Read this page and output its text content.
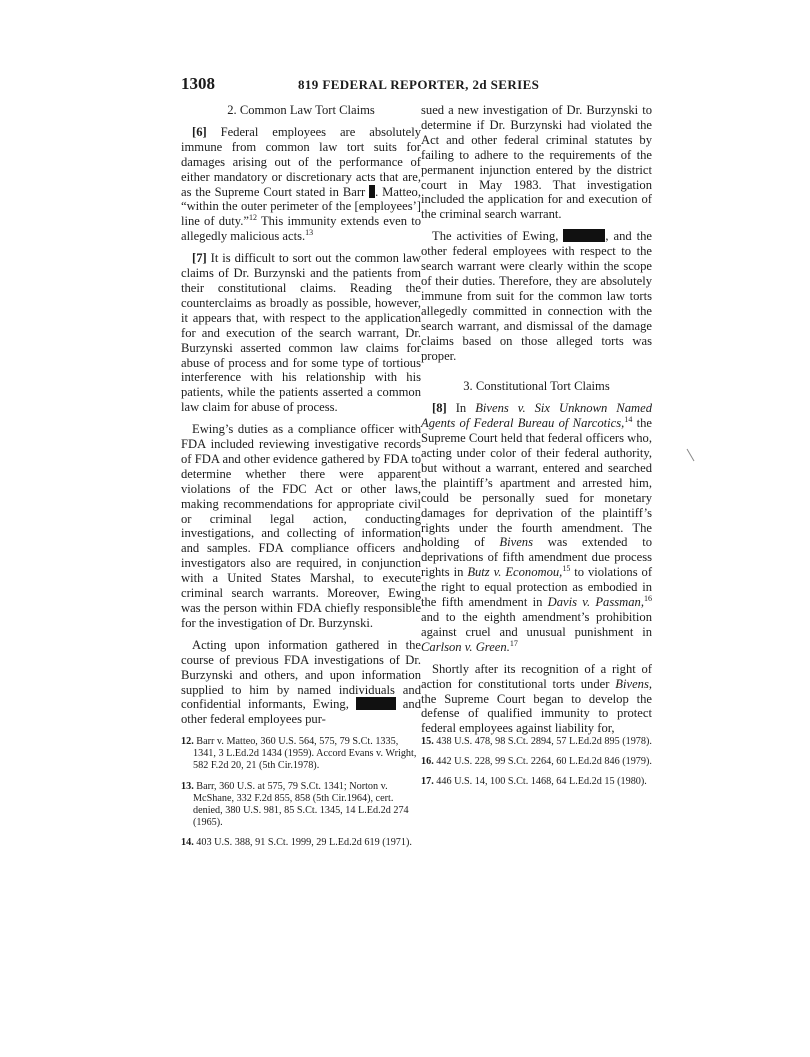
1308	819 FEDERAL REPORTER, 2d SERIES

2. Common Law Tort Claims

[6] Federal employees are absolutely immune from common law tort suits for damages arising out of the performance of either mandatory or discretionary acts that are, as the Supreme Court stated in Barr . Matteo, “within the outer perimeter of the [employees’] line of duty.”$^{12}$ This immunity extends even to allegedly malicious acts.$^{13}$

[7] It is difficult to sort out the common law claims of Dr. Burzynski and the patients from their constitutional claims. Reading the counterclaims as broadly as possible, however, it appears that, with respect to the application for and execution of the search warrant, Dr. Burzynski asserted common law claims for abuse of process and for some type of tortious interference with his relationship with his patients, while the patients asserted a common law claim for abuse of process.

Ewing’s duties as a compliance officer with FDA included reviewing investigative records of FDA and other evidence gathered by FDA to determine whether there were apparent violations of the FDC Act or other laws, making recommendations for appropriate civil or criminal legal action, conducting investigations, and collecting of information and samples. FDA compliance officers and investigators also are required, in conjunction with a United States Marshal, to execute criminal search warrants. Moreover, Ewing was the person within FDA chiefly responsible for the investigation of Dr. Burzynski.

Acting upon information gathered in the course of previous FDA investigations of Dr. Burzynski and others, and upon information supplied to him by named individuals and confidential informants, Ewing,	and other federal employees pur-

sued a new investigation of Dr. Burzynski to determine if Dr. Burzynski had violated the Act and other federal criminal statutes by failing to adhere to the requirements of the permanent injunction entered by the district court in May 1983. That investigation included the application for and execution of the criminal search warrant.

The activities of Ewing,	, and the other federal employees with respect to the search warrant were clearly within the scope of their duties. Therefore, they are absolutely immune from suit for the common law torts allegedly committed in connection with the search warrant, and dismissal of the damage claims based on those alleged torts was proper.

3. Constitutional Tort Claims

[8] In Bivens v. Six Unknown Named Agents of Federal Bureau of Narcotics,$^{14}$ the Supreme Court held that federal officers who, acting under color of their federal authority, but without a warrant, entered and searched the plaintiff’s apartment and arrested him, could be personally sued for monetary damages for deprivation of the plaintiff’s rights under the fourth amendment. The holding of Bivens was extended to deprivations of fifth amendment due process rights in Butz v. Economou,$^{15}$ to violations of the right to equal protection as embodied in the fifth amendment in Davis v. Passman,$^{16}$ and to the eighth amendment’s prohibition against cruel and unusual punishment in Carlson v. Green.$^{17}$

Shortly after its recognition of a right of action for constitutional torts under Bivens, the Supreme Court began to develop the defense of qualified immunity to protect federal employees against liability for,

12. Barr v. Matteo, 360 U.S. 564, 575, 79 S.Ct. 1335, 1341, 3 L.Ed.2d 1434 (1959). Accord Evans v. Wright, 582 F.2d 20, 21 (5th Cir.1978).

13. Barr, 360 U.S. at 575, 79 S.Ct. 1341; Norton v. McShane, 332 F.2d 855, 858 (5th Cir.1964), cert. denied, 380 U.S. 981, 85 S.Ct. 1345, 14 L.Ed.2d 274 (1965).

14. 403 U.S. 388, 91 S.Ct. 1999, 29 L.Ed.2d 619 (1971).

15. 438 U.S. 478, 98 S.Ct. 2894, 57 L.Ed.2d 895 (1978).

16. 442 U.S. 228, 99 S.Ct. 2264, 60 L.Ed.2d 846 (1979).

17. 446 U.S. 14, 100 S.Ct. 1468, 64 L.Ed.2d 15 (1980).
